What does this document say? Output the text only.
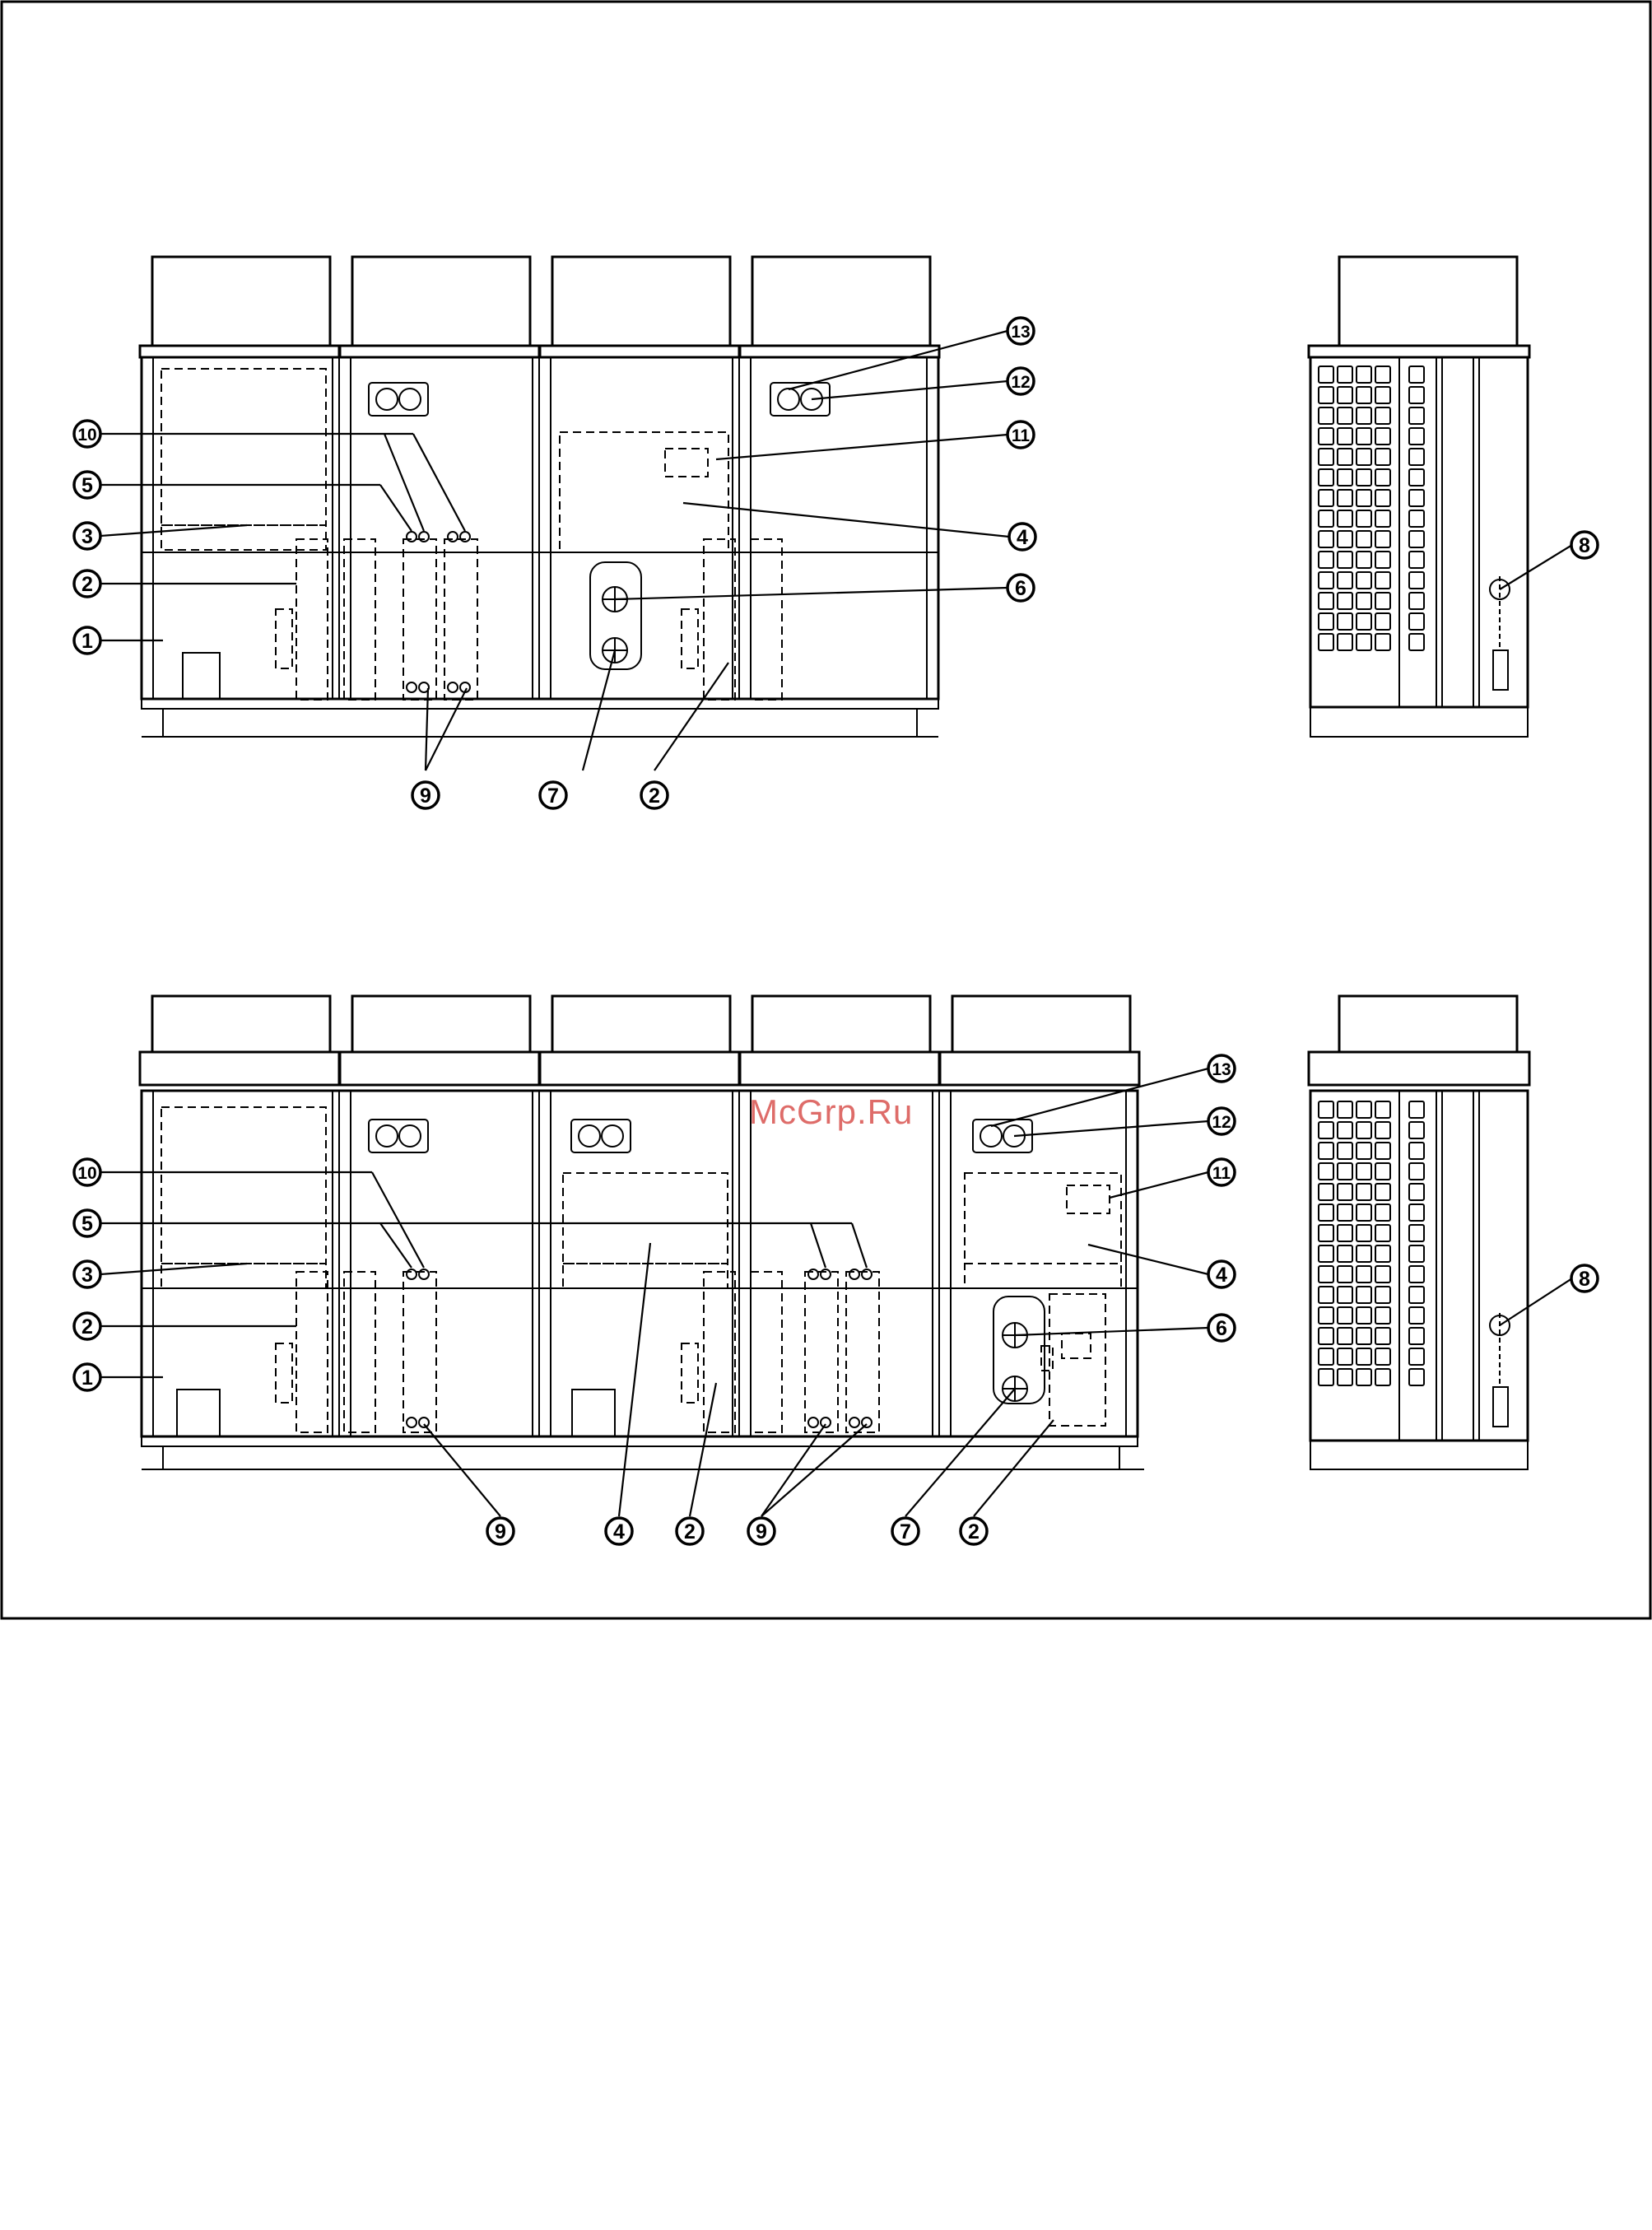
1
2
3
5
10
9	7	2
6
4
11
12
13
8
1
2
3
5
10
9	4	2	9	7	2
6
4
11
12
13
8
McGrp.Ru
